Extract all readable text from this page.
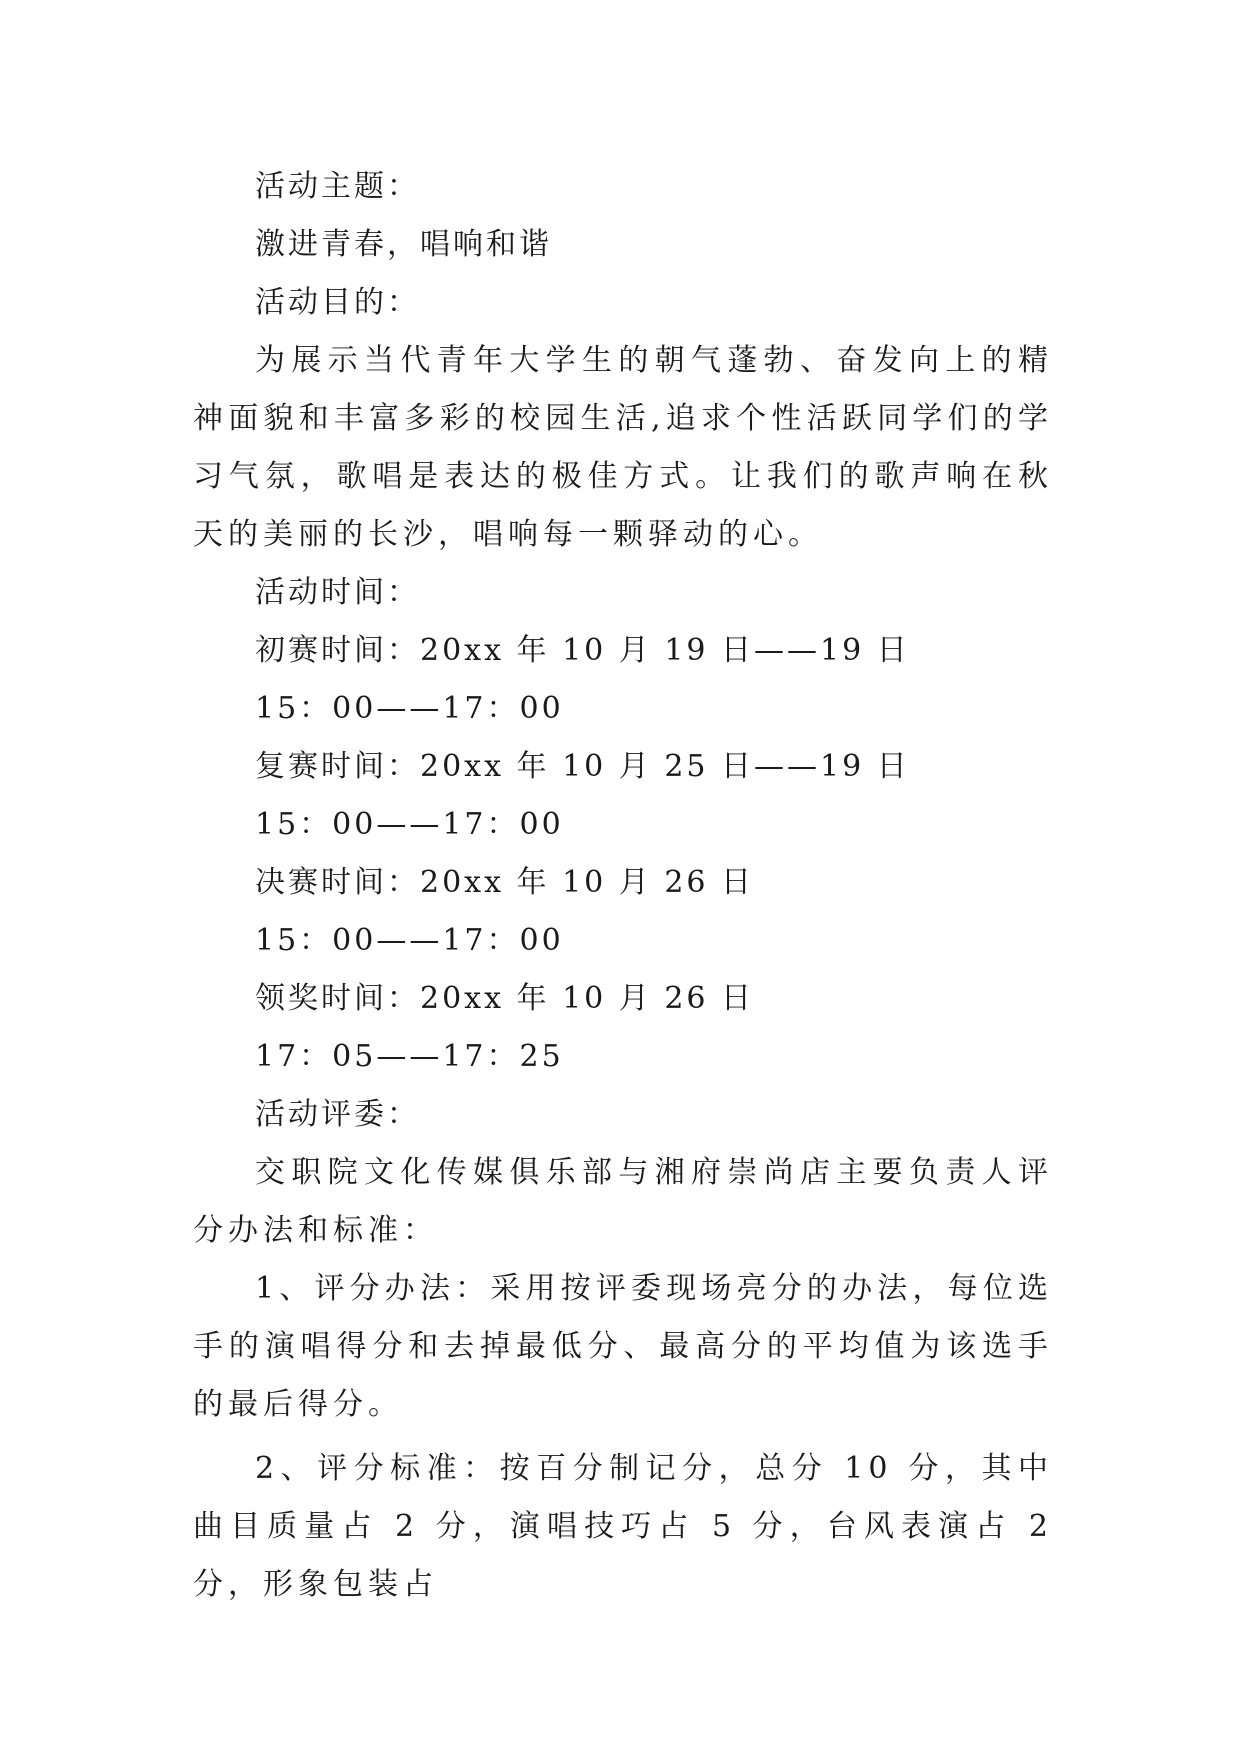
活动主题：
激进青春，唱响和谐
活动目的：

为展示当代青年大学生的朝气蓬勃、奋发向上的精神面貌和丰富多彩的校园生活,追求个性活跃同学们的学习气氛，歌唱是表达的极佳方式。让我们的歌声响在秋天的美丽的长沙，唱响每一颗驿动的心。

活动时间：
初赛时间：20xx 年 10 月 19 日——19 日
15：00——17：00
复赛时间：20xx 年 10 月 25 日——19 日
15：00——17：00
决赛时间：20xx 年 10 月 26 日
15：00——17：00
领奖时间：20xx 年 10 月 26 日
17：05——17：25
活动评委：

交职院文化传媒俱乐部与湘府崇尚店主要负责人评分办法和标准：

1、评分办法：采用按评委现场亮分的办法，每位选手的演唱得分和去掉最低分、最高分的平均值为该选手的最后得分。

2、评分标准：按百分制记分，总分 10 分，其中曲目质量占 2 分，演唱技巧占 5 分，台风表演占 2 分，形象包装占
